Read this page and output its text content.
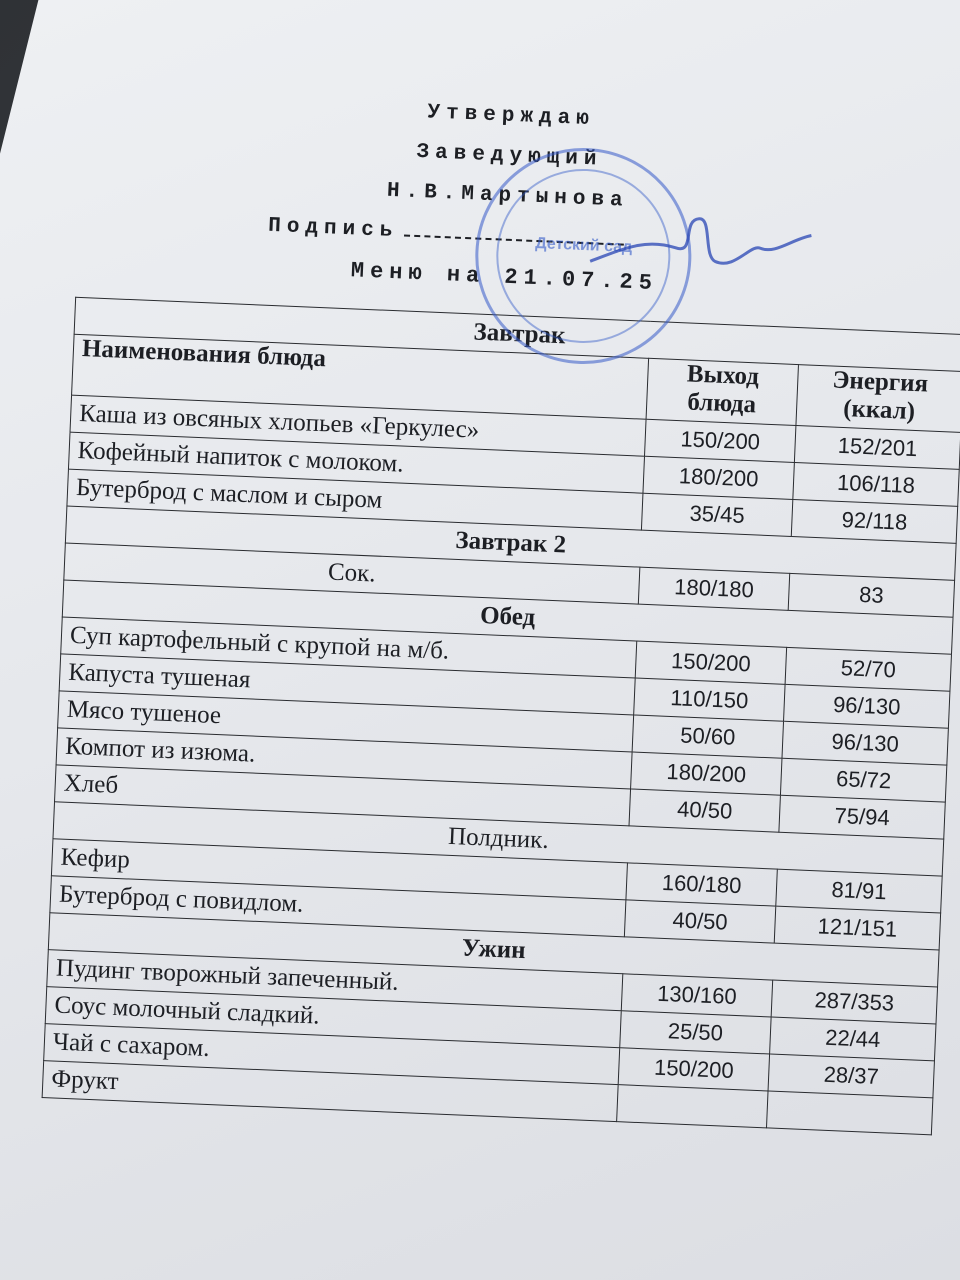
Утверждаю
Заведующий
Н.В.Мартынова
Подпись
Меню на 21.07.25
Детский сад
Завтрак		
Наименования блюда	Выход блюда	Энергия (ккал)
Каша из овсяных хлопьев «Геркулес»	150/200	152/201
Кофейный напиток с молоком.	180/200	106/118
Бутерброд с маслом и сыром	35/45	92/118
Завтрак 2		
Сок.	180/180	83
Обед		
Суп картофельный с крупой на м/б.	150/200	52/70
Капуста тушеная	110/150	96/130
Мясо тушеное	50/60	96/130
Компот из изюма.	180/200	65/72
Хлеб	40/50	75/94
Полдник.		
Кефир	160/180	81/91
Бутерброд с повидлом.	40/50	121/151
Ужин		
Пудинг творожный запеченный.	130/160	287/353
Соус молочный сладкий.	25/50	22/44
Чай с сахаром.	150/200	28/37
Фрукт		
